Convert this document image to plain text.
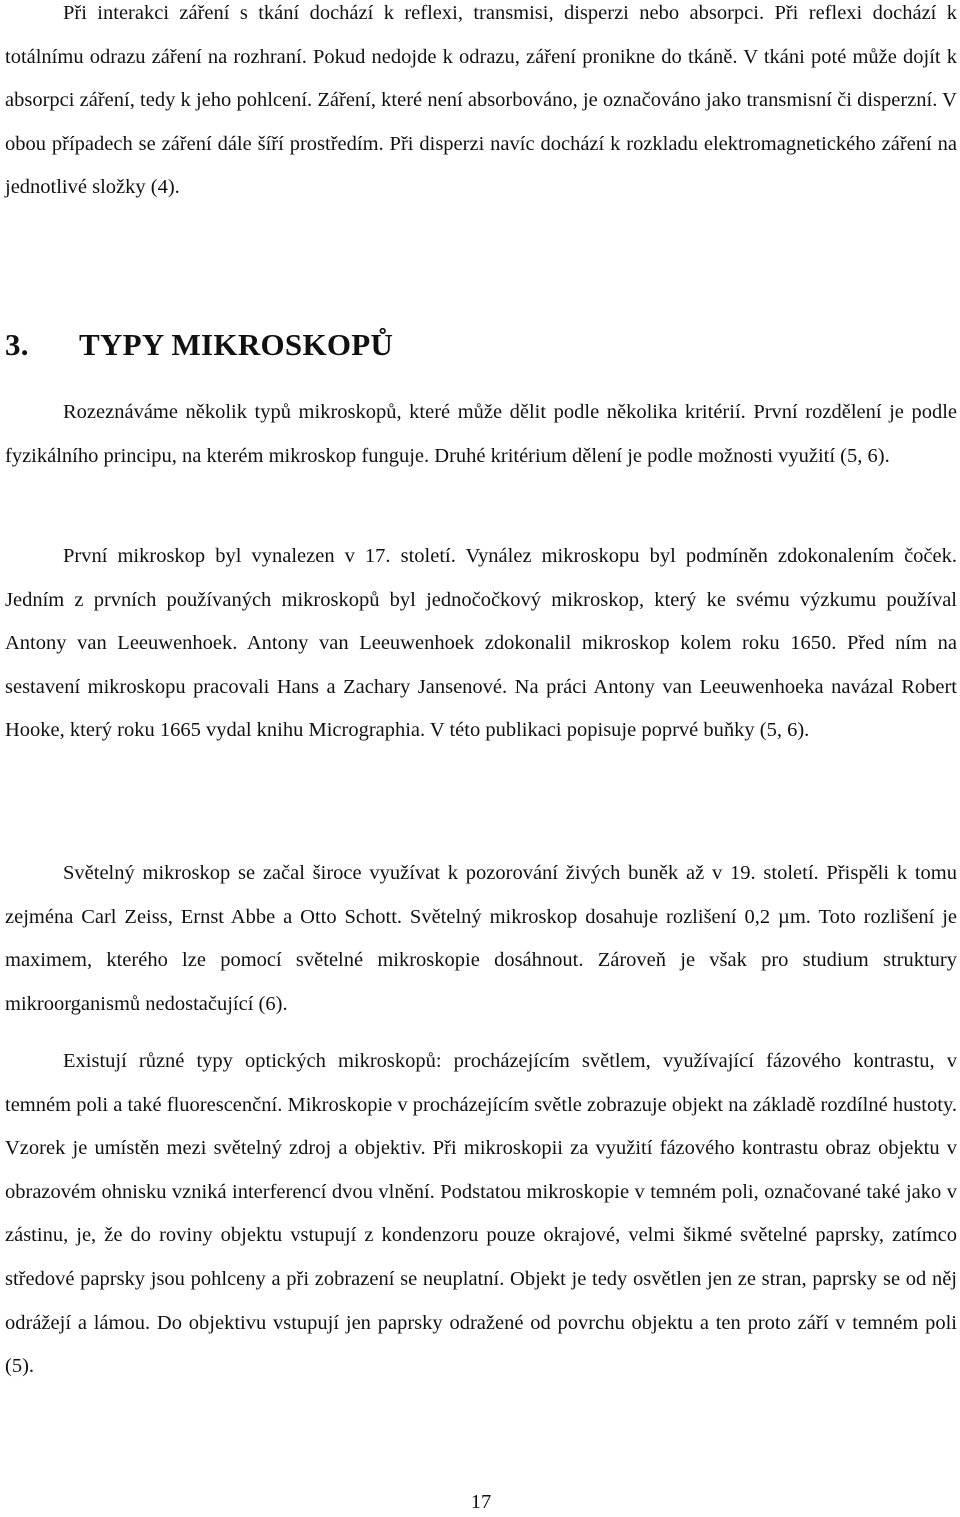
Při interakci záření s tkání dochází k reflexi, transmisi, disperzi nebo absorpci. Při reflexi dochází k totálnímu odrazu záření na rozhraní. Pokud nedojde k odrazu, záření pronikne do tkáně. V tkáni poté může dojít k absorpci záření, tedy k jeho pohlcení. Záření, které není absorbováno, je označováno jako transmisní či disperzní. V obou případech se záření dále šíří prostředím. Při disperzi navíc dochází k rozkladu elektromagnetického záření na jednotlivé složky (4).

3. TYPY MIKROSKOPŮ

Rozeznáváme několik typů mikroskopů, které může dělit podle několika kritérií. První rozdělení je podle fyzikálního principu, na kterém mikroskop funguje. Druhé kritérium dělení je podle možnosti využití (5, 6).

První mikroskop byl vynalezen v 17. století. Vynález mikroskopu byl podmíněn zdokonalením čoček. Jedním z prvních používaných mikroskopů byl jednočočkový mikroskop, který ke svému výzkumu používal Antony van Leeuwenhoek. Antony van Leeuwenhoek zdokonalil mikroskop kolem roku 1650. Před ním na sestavení mikroskopu pracovali Hans a Zachary Jansenové. Na práci Antony van Leeuwenhoeka navázal Robert Hooke, který roku 1665 vydal knihu Micrographia. V této publikaci popisuje poprvé buňky (5, 6).

Světelný mikroskop se začal široce využívat k pozorování živých buněk až v 19. století. Přispěli k tomu zejména Carl Zeiss, Ernst Abbe a Otto Schott. Světelný mikroskop dosahuje rozlišení 0,2 µm. Toto rozlišení je maximem, kterého lze pomocí světelné mikroskopie dosáhnout. Zároveň je však pro studium struktury mikroorganismů nedostačující (6).

Existují různé typy optických mikroskopů: procházejícím světlem, využívající fázového kontrastu, v temném poli a také fluorescenční. Mikroskopie v procházejícím světle zobrazuje objekt na základě rozdílné hustoty. Vzorek je umístěn mezi světelný zdroj a objektiv. Při mikroskopii za využití fázového kontrastu obraz objektu v obrazovém ohnisku vzniká interferencí dvou vlnění. Podstatou mikroskopie v temném poli, označované také jako v zástinu, je, že do roviny objektu vstupují z kondenzoru pouze okrajové, velmi šikmé světelné paprsky, zatímco středové paprsky jsou pohlceny a při zobrazení se neuplatní. Objekt je tedy osvětlen jen ze stran, paprsky se od něj odrážejí a lámou. Do objektivu vstupují jen paprsky odražené od povrchu objektu a ten proto září v temném poli (5).

17
